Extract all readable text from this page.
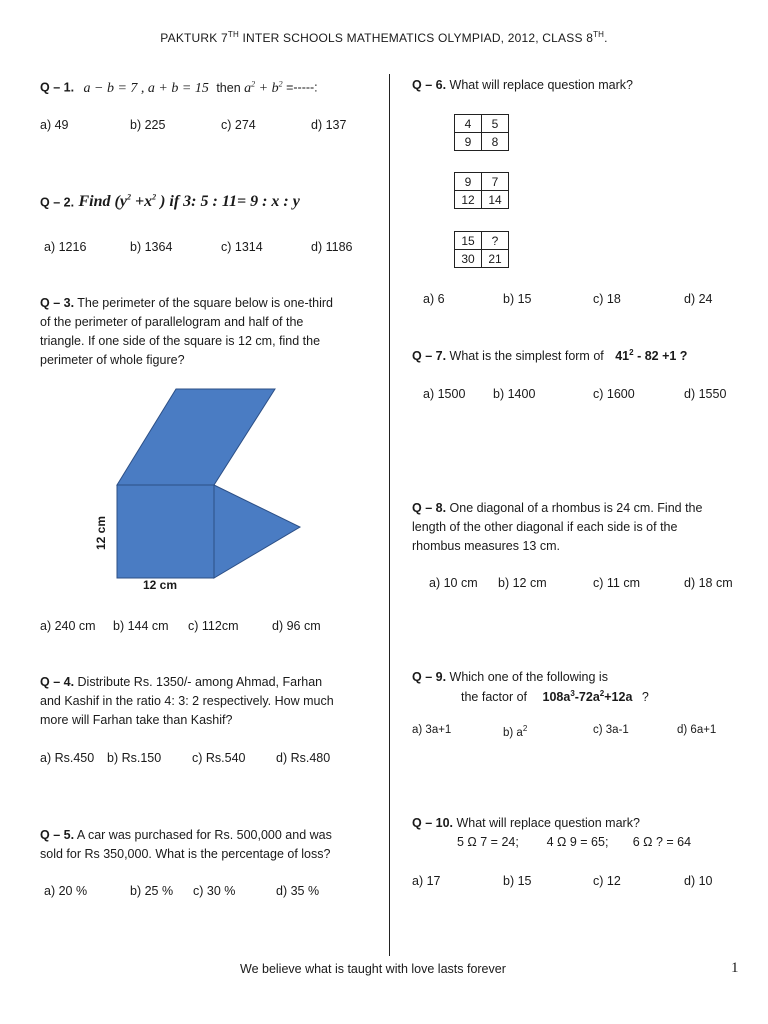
PAKTURK 7TH INTER SCHOOLS MATHEMATICS OLYMPIAD, 2012, CLASS 8TH.
Q – 1. a − b = 7 , a + b = 15 then $a^2 + b^2$ =-----:
a) 49	b) 225	c) 274	d) 137
Q – 2. Find ($y^2 +x^2$ ) if 3: 5 : 11= 9 : x : y
a) 1216	b) 1364	c) 1314	d) 1186
Q – 3. The perimeter of the square below is one-third
of the perimeter of parallelogram and half of the
triangle. If one side of the square is 12 cm, find the
perimeter of whole figure?
12 cm
12 cm
a) 240 cm b) 144 cm c) 112cm	d) 96 cm
Q – 4. Distribute Rs. 1350/- among Ahmad, Farhan
and Kashif in the ratio 4: 3: 2 respectively. How much
more will Farhan take than Kashif?
a) Rs.450 b) Rs.150 c) Rs.540 d) Rs.480
Q – 5. A car was purchased for Rs. 500,000 and was
sold for Rs 350,000. What is the percentage of loss?
a) 20 %	b) 25 % c) 30 %	d) 35 %
Q – 6. What will replace question mark?
4	5
9	8
9	7
12	14
15	?
30	21
a) 6	b) 15	c) 18	d) 24
Q – 7. What is the simplest form of $41^2 - 82 +1$ ?
a) 1500 b) 1400	c) 1600	d) 1550
Q – 8. One diagonal of a rhombus is 24 cm. Find the
length of the other diagonal if each side is of the
rhombus measures 13 cm.
a) 10 cm b) 12 cm	c) 11 cm	d) 18 cm
Q – 9. Which one of the following is
the factor of $108a^3-72a^2+12a$ ?
a) 3a+1	b) $a^2$	c) 3a-1	d) 6a+1
Q – 10. What will replace question mark?
5 Ω 7 = 24;        4 Ω 9 = 65;       6 Ω ? = 64
a) 17	b) 15	c) 12	d) 10
We believe what is taught with love lasts forever	1
